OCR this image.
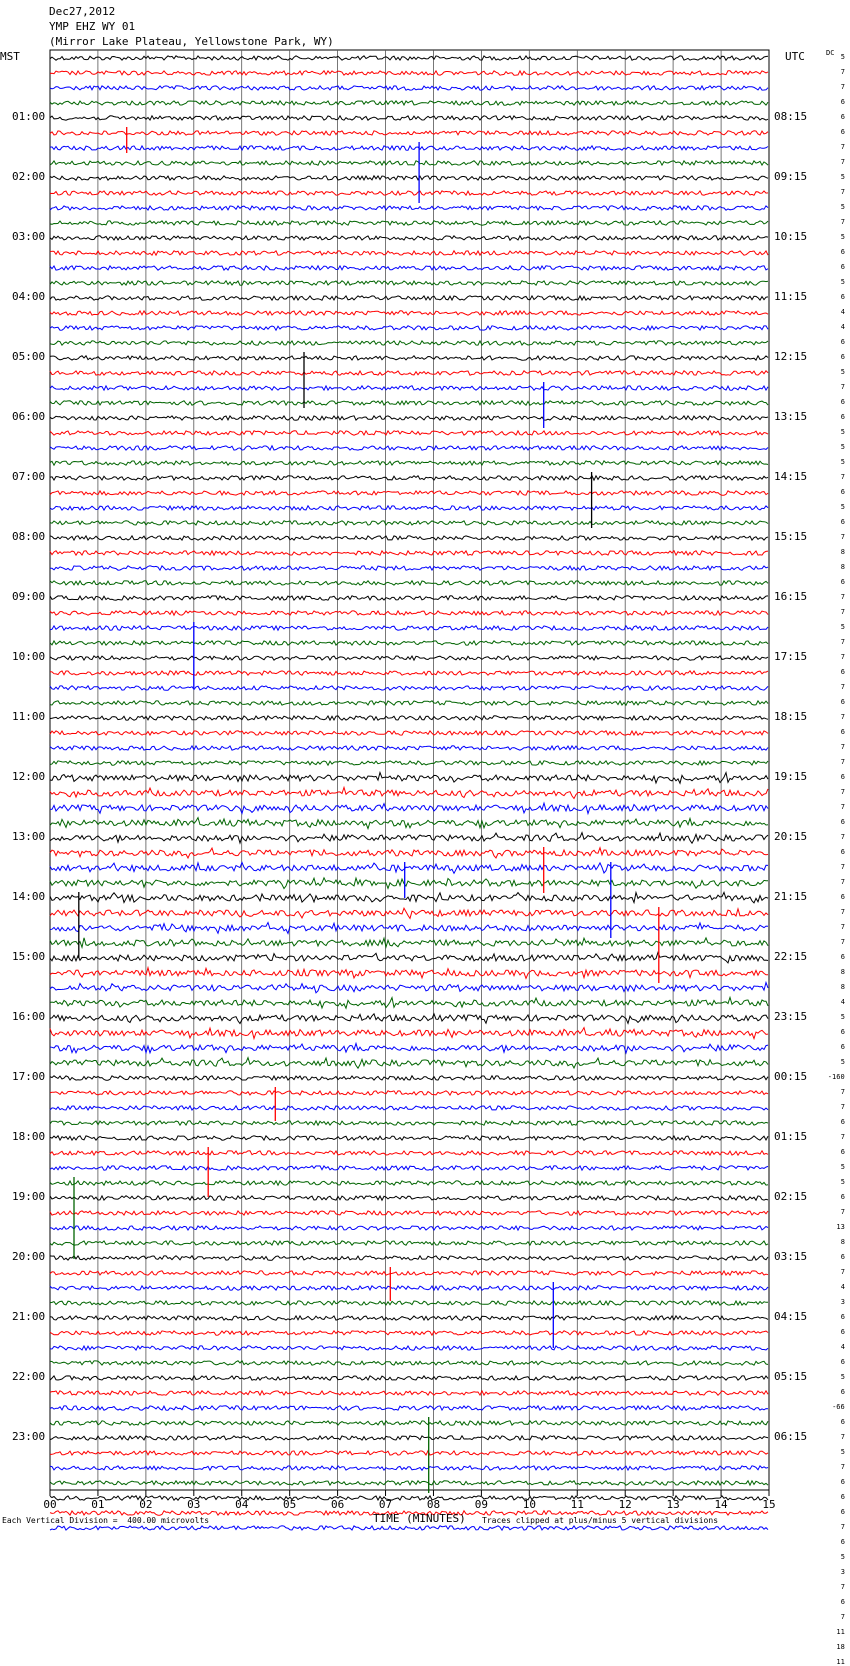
Dec27,2012
YMP EHZ WY 01
(Mirror Lake Plateau, Yellowstone Park, WY)
MST	UTC	DC
00	01	02	03	04	05	06	07	08	09	10	11	12	13	14	15
01:00
02:00
03:00
04:00
05:00
06:00
07:00
08:00
09:00
10:00
11:00
12:00
13:00
14:00
15:00
16:00
17:00
18:00
19:00
20:00
21:00
22:00
23:00
08:15
09:15
10:15
11:15
12:15
13:15
14:15
15:15
16:15
17:15
18:15
19:15
20:15
21:15
22:15
23:15
00:15
01:15
02:15
03:15
04:15
05:15
06:15
5
7
7
6
6
6
7
7
5
7
5
7
5
6
6
5
6
4
4
6
6
5
7
6
6
5
5
5
7
6
5
6
7
8
8
6
7
7
5
7
7
6
7
6
7
6
7
7
6
7
7
6
7
6
7
7
6
7
7
7
6
8
8
4
5
6
6
5
-160
7
7
6
7
6
5
5
6
7
13
8
6
7
4
3
6
6
4
6
5
6
-66
6
7
5
7
6
6
6
7
6
5
3
7
6
7
11
18
11
Each Vertical Division =  400.00 microvolts	TIME (MINUTES) Traces clipped at plus/minus 5 vertical divisions
